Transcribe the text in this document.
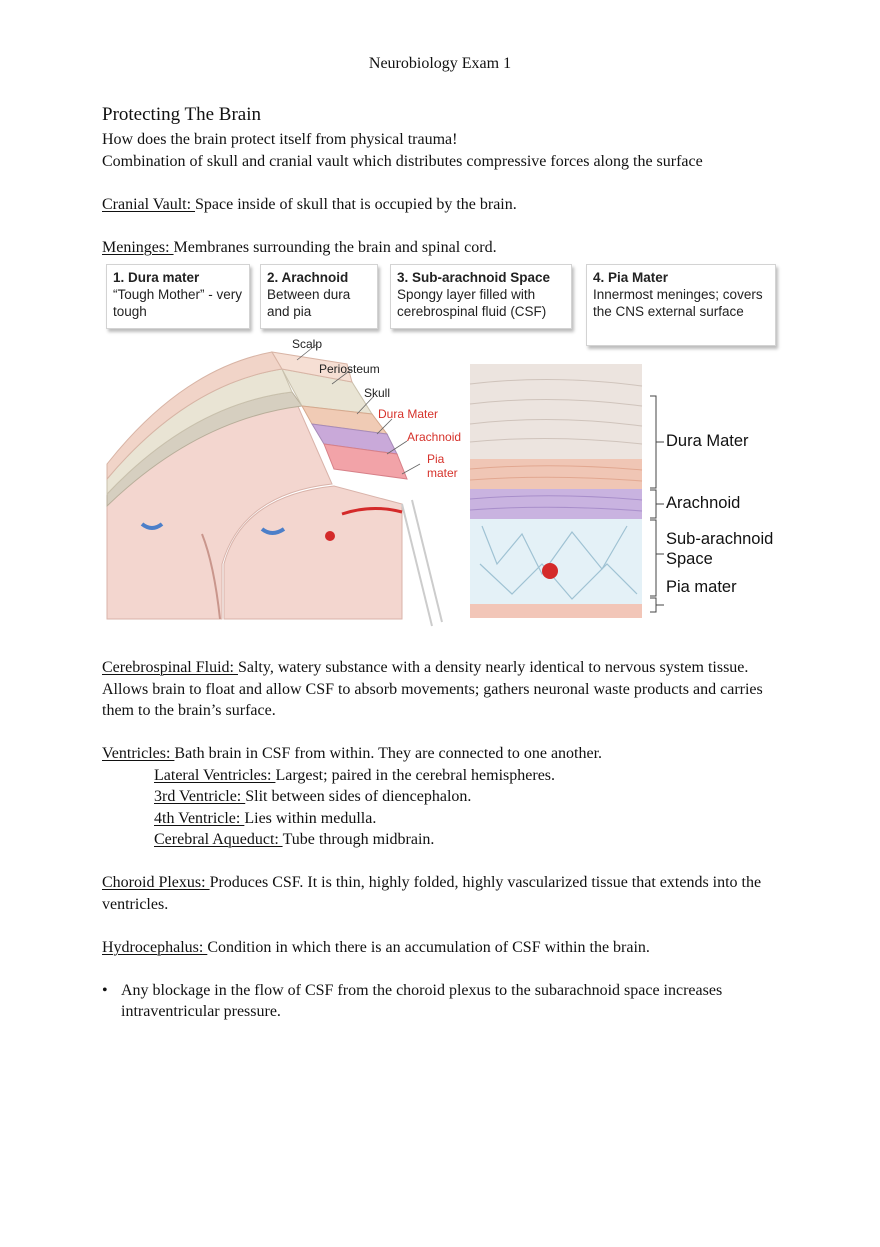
Neurobiology Exam 1
Protecting The Brain

How does the brain protect itself from physical trauma!

Combination of skull and cranial vault which distributes compressive forces along the surface

Cranial Vault: Space inside of skull that is occupied by the brain.

Meninges: Membranes surrounding the brain and spinal cord.

1. Dura mater
“Tough Mother” - very tough
2. Arachnoid
Between dura and pia
3. Sub-arachnoid Space
Spongy layer filled with cerebrospinal fluid (CSF)
4. Pia Mater
Innermost meninges; covers the CNS external surface
Scalp
Periosteum
Skull
Dura Mater
Arachnoid
Pia mater
Dura Mater
Arachnoid
Sub-arachnoid Space
Pia mater

Cerebrospinal Fluid: Salty, watery substance with a density nearly identical to nervous system tissue. Allows brain to float and allow CSF to absorb movements; gathers neuronal waste products and carries them to the brain’s surface.

Ventricles: Bath brain in CSF from within. They are connected to one another.

Lateral Ventricles: Largest; paired in the cerebral hemispheres.

3rd Ventricle: Slit between sides of diencephalon.

4th Ventricle: Lies within medulla.

Cerebral Aqueduct: Tube through midbrain.

Choroid Plexus: Produces CSF. It is thin, highly folded, highly vascularized tissue that extends into the ventricles.

Hydrocephalus: Condition in which there is an accumulation of CSF within the brain.

• Any blockage in the flow of CSF from the choroid plexus to the subarachnoid space increases intraventricular pressure.
